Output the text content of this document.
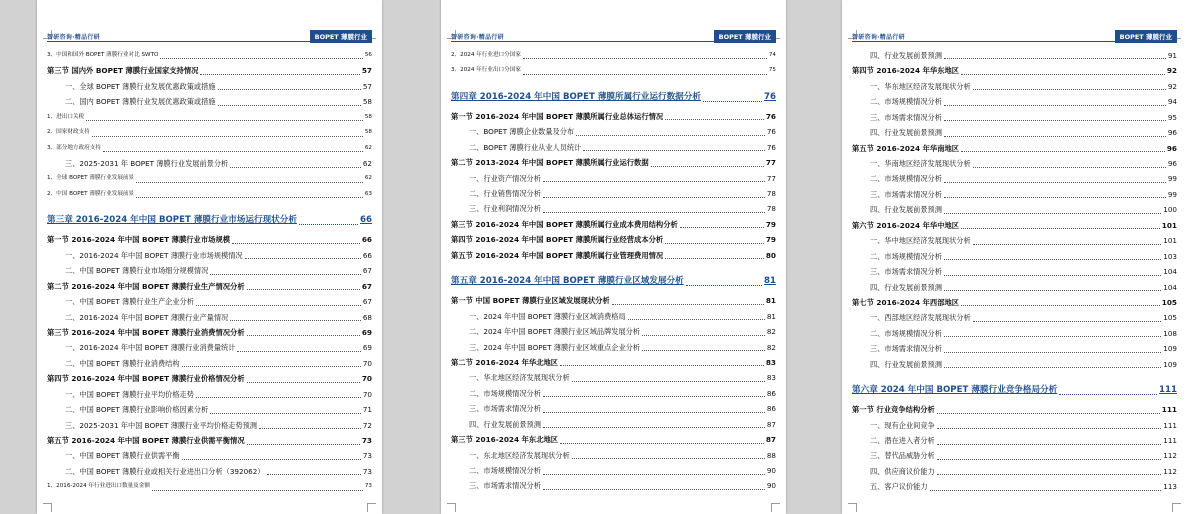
智研咨询·精品行研	BOPET 薄膜行业
3、中国和国外 BOPET 薄膜行业对比 SWTO	56
第三节 国内外 BOPET 薄膜行业国家支持情况	57
一、全球 BOPET 薄膜行业发展优惠政策或措施	57
二、国内 BOPET 薄膜行业发展优惠政策或措施	58
1、进出口关税	58
2、国家财政支持	58
3、部分地方政府支持	62
三、2025-2031 年 BOPET 薄膜行业发展前景分析	62
1、全球 BOPET 薄膜行业发展前景	62
2、中国 BOPET 薄膜行业发展前景	63
第三章 2016-2024 年中国 BOPET 薄膜行业市场运行现状分析	66
第一节 2016-2024 年中国 BOPET 薄膜行业市场规模	66
一、2016-2024 年中国 BOPET 薄膜行业市场规模情况	66
二、中国 BOPET 薄膜行业市场细分规模情况	67
第二节 2016-2024 年中国 BOPET 薄膜行业生产情况分析	67
一、中国 BOPET 薄膜行业生产企业分析	67
二、2016-2024 年中国 BOPET 薄膜行业产量情况	68
第三节 2016-2024 年中国 BOPET 薄膜行业消费情况分析	69
一、2016-2024 年中国 BOPET 薄膜行业消费量统计	69
二、中国 BOPET 薄膜行业消费结构	70
第四节 2016-2024 年中国 BOPET 薄膜行业价格情况分析	70
一、中国 BOPET 薄膜行业平均价格走势	70
二、中国 BOPET 薄膜行业影响价格因素分析	71
三、2025-2031 年中国 BOPET 薄膜行业平均价格走势预测	72
第五节 2016-2024 年中国 BOPET 薄膜行业供需平衡情况	73
一、中国 BOPET 薄膜行业供需平衡	73
二、中国 BOPET 薄膜行业或相关行业进出口分析（392062）	73
1、2016-2024 年行业进出口数量及金额	73
智研咨询·精品行研	BOPET 薄膜行业
2、2024 年行业进口分国家	74
3、2024 年行业出口分国家	75
第四章 2016-2024 年中国 BOPET 薄膜所属行业运行数据分析	76
第一节 2016-2024 年中国 BOPET 薄膜所属行业总体运行情况	76
一、BOPET 薄膜企业数量及分布	76
二、BOPET 薄膜行业从业人员统计	76
第二节 2013-2024 年中国 BOPET 薄膜所属行业运行数据	77
一、行业资产情况分析	77
二、行业销售情况分析	78
三、行业利润情况分析	78
第三节 2016-2024 年中国 BOPET 薄膜所属行业成本费用结构分析	79
第四节 2016-2024 年中国 BOPET 薄膜所属行业经营成本分析	79
第五节 2016-2024 年中国 BOPET 薄膜所属行业管理费用情况	80
第五章 2016-2024 年中国 BOPET 薄膜行业区域发展分析	81
第一节 中国 BOPET 薄膜行业区域发展现状分析	81
一、2024 年中国 BOPET 薄膜行业区域消费格局	81
二、2024 年中国 BOPET 薄膜行业区域品牌发展分析	82
三、2024 年中国 BOPET 薄膜行业区域重点企业分析	82
第二节 2016-2024 年华北地区	83
一、华北地区经济发展现状分析	83
二、市场规模情况分析	86
三、市场需求情况分析	86
四、行业发展前景预测	87
第三节 2016-2024 年东北地区	87
一、东北地区经济发展现状分析	88
二、市场规模情况分析	90
三、市场需求情况分析	90
智研咨询·精品行研	BOPET 薄膜行业
四、行业发展前景预测	91
第四节 2016-2024 年华东地区	92
一、华东地区经济发展现状分析	92
二、市场规模情况分析	94
三、市场需求情况分析	95
四、行业发展前景预测	96
第五节 2016-2024 年华南地区	96
一、华南地区经济发展现状分析	96
二、市场规模情况分析	99
三、市场需求情况分析	99
四、行业发展前景预测	100
第六节 2016-2024 年华中地区	101
一、华中地区经济发展现状分析	101
二、市场规模情况分析	103
三、市场需求情况分析	104
四、行业发展前景预测	104
第七节 2016-2024 年西部地区	105
一、西部地区经济发展现状分析	105
二、市场规模情况分析	108
三、市场需求情况分析	109
四、行业发展前景预测	109
第六章 2024 年中国 BOPET 薄膜行业竞争格局分析	111
第一节 行业竞争结构分析	111
一、现有企业间竞争	111
二、潜在进入者分析	111
三、替代品威胁分析	112
四、供应商议价能力	112
五、客户议价能力	113
